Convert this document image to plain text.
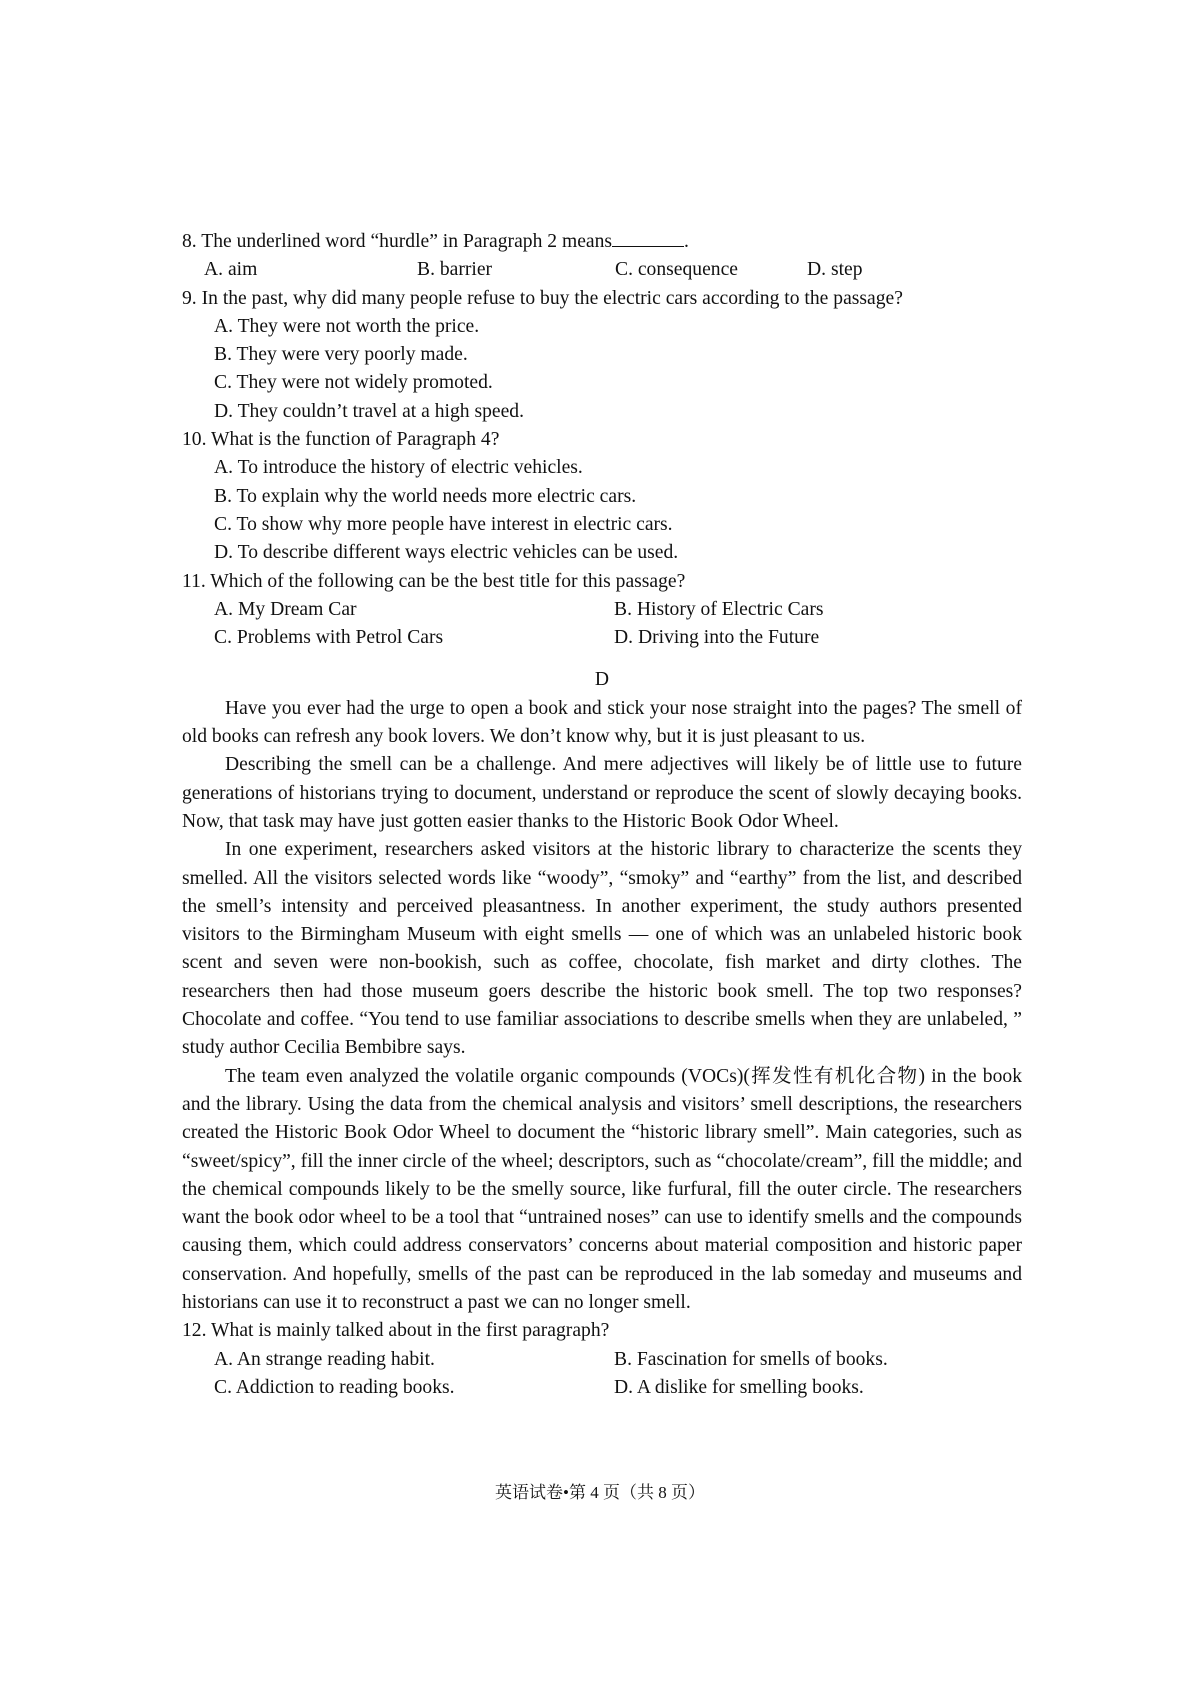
8. The underlined word “hurdle” in Paragraph 2 means	.
A. aim	B. barrier	C. consequence	D. step
9. In the past, why did many people refuse to buy the electric cars according to the passage?
A. They were not worth the price.
B. They were very poorly made.
C. They were not widely promoted.
D. They couldn’t travel at a high speed.
10. What is the function of Paragraph 4?
A. To introduce the history of electric vehicles.
B. To explain why the world needs more electric cars.
C. To show why more people have interest in electric cars.
D. To describe different ways electric vehicles can be used.
11. Which of the following can be the best title for this passage?
A. My Dream Car	B. History of Electric Cars
C. Problems with Petrol Cars	D. Driving into the Future
D
Have you ever had the urge to open a book and stick your nose straight into the pages? The smell of old books can refresh any book lovers. We don’t know why, but it is just pleasant to us.
Describing the smell can be a challenge. And mere adjectives will likely be of little use to future generations of historians trying to document, understand or reproduce the scent of slowly decaying books. Now, that task may have just gotten easier thanks to the Historic Book Odor Wheel.
In one experiment, researchers asked visitors at the historic library to characterize the scents they smelled. All the visitors selected words like “woody”, “smoky” and “earthy” from the list, and described the smell’s intensity and perceived pleasantness. In another experiment, the study authors presented visitors to the Birmingham Museum with eight smells — one of which was an unlabeled historic book scent and seven were non-bookish, such as coffee, chocolate, fish market and dirty clothes. The researchers then had those museum goers describe the historic book smell. The top two responses? Chocolate and coffee. “You tend to use familiar associations to describe smells when they are unlabeled, ” study author Cecilia Bembibre says.
The team even analyzed the volatile organic compounds (VOCs)(挥发性有机化合物) in the book and the library. Using the data from the chemical analysis and visitors’ smell descriptions, the researchers created the Historic Book Odor Wheel to document the “historic library smell”. Main categories, such as “sweet/spicy”, fill the inner circle of the wheel; descriptors, such as “chocolate/cream”, fill the middle; and the chemical compounds likely to be the smelly source, like furfural, fill the outer circle. The researchers want the book odor wheel to be a tool that “untrained noses” can use to identify smells and the compounds causing them, which could address conservators’ concerns about material composition and historic paper conservation. And hopefully, smells of the past can be reproduced in the lab someday and museums and historians can use it to reconstruct a past we can no longer smell.
12. What is mainly talked about in the first paragraph?
A. An strange reading habit.	B. Fascination for smells of books.
C. Addiction to reading books.	D. A dislike for smelling books.
英语试卷•第 4 页（共 8 页）
